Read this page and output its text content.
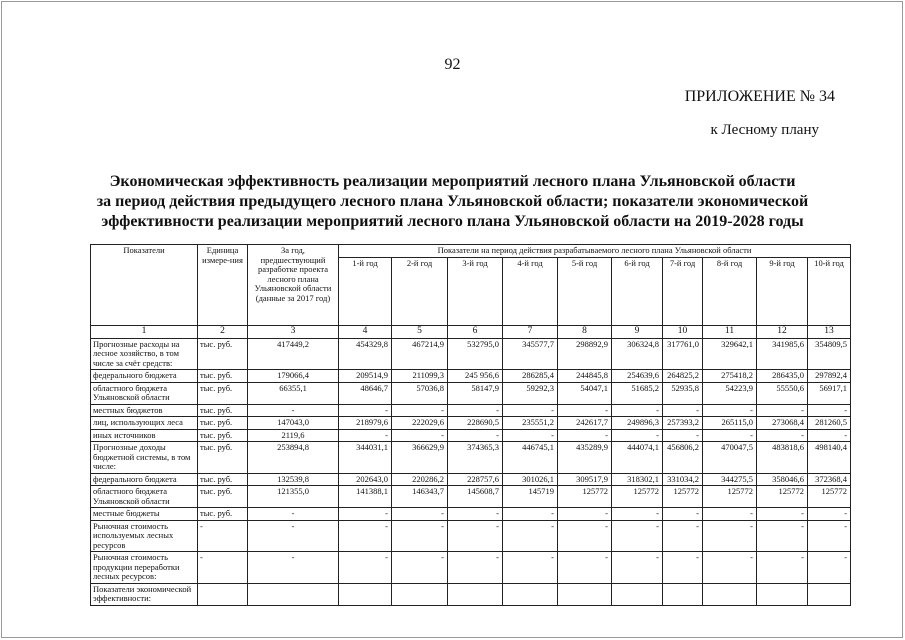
92
ПРИЛОЖЕНИЕ № 34
к Лесному плану
Экономическая эффективность реализации мероприятий лесного плана Ульяновской области
за период действия предыдущего лесного плана Ульяновской области; показатели экономической
эффективности реализации мероприятий лесного плана Ульяновской области на 2019-2028 годы
Показатели	Единица измере-ния	За год, предшествующий разработке проекта лесного плана Ульяновской области (данные за 2017 год)	Показатели на период действия разрабатываемого лесного плана Ульяновской области									
			1-й год	2-й год	3-й год	4-й год	5-й год	6-й год	7-й год	8-й год	9-й год	10-й год
1	2	3	4	5	6	7	8	9	10	11	12	13
Прогнозные расходы на лесное хозяйство, в том числе за счёт средств:	тыс. руб.	417449,2	454329,8	467214,9	532795,0	345577,7	298892,9	306324,8	317761,0	329642,1	341985,6	354809,5
федерального бюджета	тыс. руб.	179066,4	209514,9	211099,3	245 956,6	286285,4	244845,8	254639,6	264825,2	275418,2	286435,0	297892,4
областного бюджета Ульяновской области	тыс. руб.	66355,1	48646,7	57036,8	58147,9	59292,3	54047,1	51685,2	52935,8	54223,9	55550,6	56917,1
местных бюджетов	тыс. руб.	-	-	-	-	-	-	-	-	-	-	-
лиц, использующих леса	тыс. руб.	147043,0	218979,6	222029,6	228690,5	235551,2	242617,7	249896,3	257393,2	265115,0	273068,4	281260,5
иных источников	тыс. руб.	2119,6	-	-	-	-	-	-	-	-	-	-
Прогнозные доходы бюджетной системы, в том числе:	тыс. руб.	253894,8	344031,1	366629,9	374365,3	446745,1	435289,9	444074,1	456806,2	470047,5	483818,6	498140,4
федерального бюджета	тыс. руб.	132539,8	202643,0	220286,2	228757,6	301026,1	309517,9	318302,1	331034,2	344275,5	358046,6	372368,4
областного бюджета Ульяновской области	тыс. руб.	121355,0	141388,1	146343,7	145608,7	145719	125772	125772	125772	125772	125772	125772
местные бюджеты	тыс. руб.	-	-	-	-	-	-	-	-	-	-	-
Рыночная стоимость используемых лесных ресурсов	-	-	-	-	-	-	-	-	-	-	-	-
Рыночная стоимость продукции переработки лесных ресурсов:	-	-	-	-	-	-	-	-	-	-	-	-
Показатели экономической эффективности:												
